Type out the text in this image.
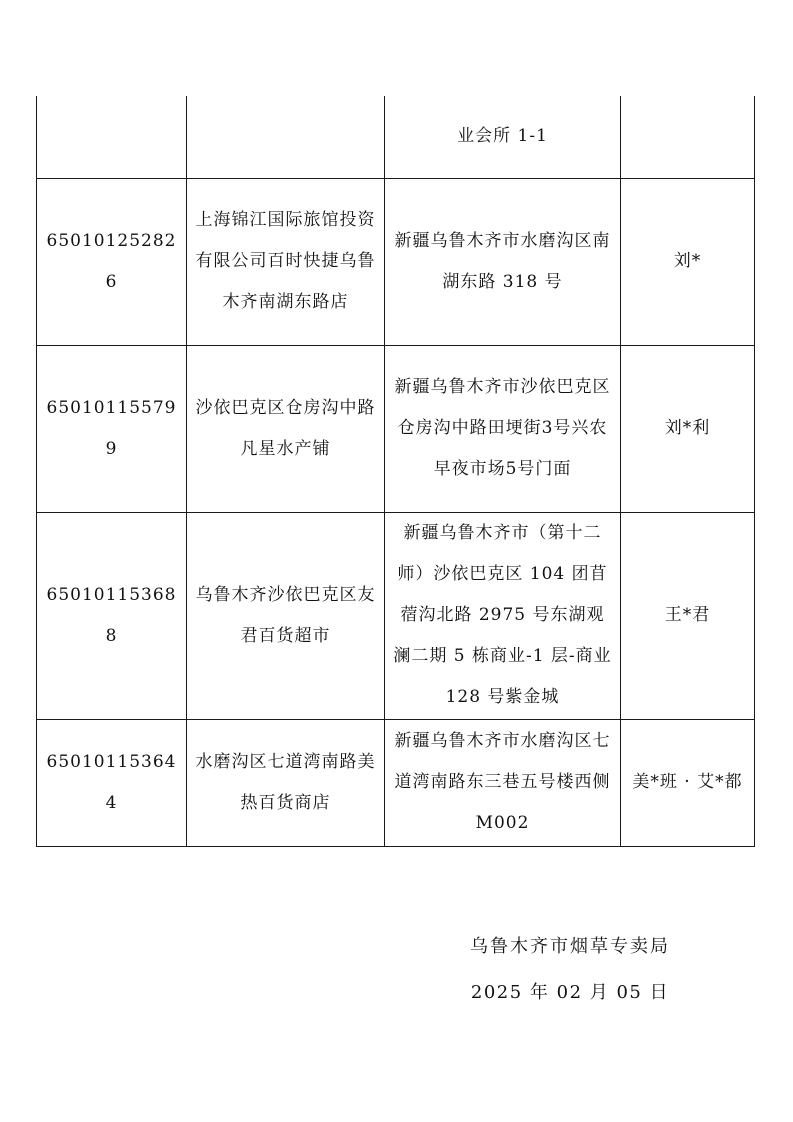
		业会所 1-1	
650101252826	上海锦江国际旅馆投资有限公司百时快捷乌鲁木齐南湖东路店	新疆乌鲁木齐市水磨沟区南湖东路 318 号	刘*
650101155799	沙依巴克区仓房沟中路凡星水产铺	新疆乌鲁木齐市沙依巴克区仓房沟中路田埂街3号兴农早夜市场5号门面	刘*利
650101153688	乌鲁木齐沙依巴克区友君百货超市	新疆乌鲁木齐市（第十二师）沙依巴克区 104 团苜蓿沟北路 2975 号东湖观澜二期 5 栋商业-1 层-商业 128 号紫金城	王*君
650101153644	水磨沟区七道湾南路美热百货商店	新疆乌鲁木齐市水磨沟区七道湾南路东三巷五号楼西侧 M002	美*班 · 艾*都
乌鲁木齐市烟草专卖局
2025 年 02 月 05 日
